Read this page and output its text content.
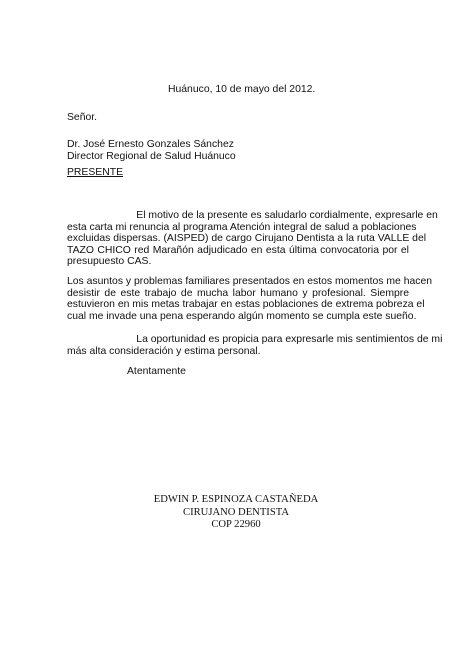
Huánuco, 10 de mayo del 2012.
Señor.
Dr. José Ernesto Gonzales Sánchez
Director Regional de Salud Huánuco
PRESENTE
El motivo de la presente es saludarlo cordialmente, expresarle en
esta carta mi renuncia al programa Atención integral de salud a poblaciones
excluidas dispersas. (AISPED) de cargo Cirujano Dentista a la ruta VALLE del
TAZO CHICO red Marañón adjudicado en esta última convocatoria por el
presupuesto CAS.
Los asuntos y problemas familiares presentados en estos momentos me hacen
desistir de este trabajo de mucha labor humano y profesional. Siempre
estuvieron en mis metas trabajar en estas poblaciones de extrema pobreza el
cual me invade una pena esperando algún momento se cumpla este sueño.
La oportunidad es propicia para expresarle mis sentimientos de mi
más alta consideración y estima personal.
Atentamente
EDWIN P. ESPINOZA CASTAÑEDA
CIRUJANO DENTISTA
COP 22960
